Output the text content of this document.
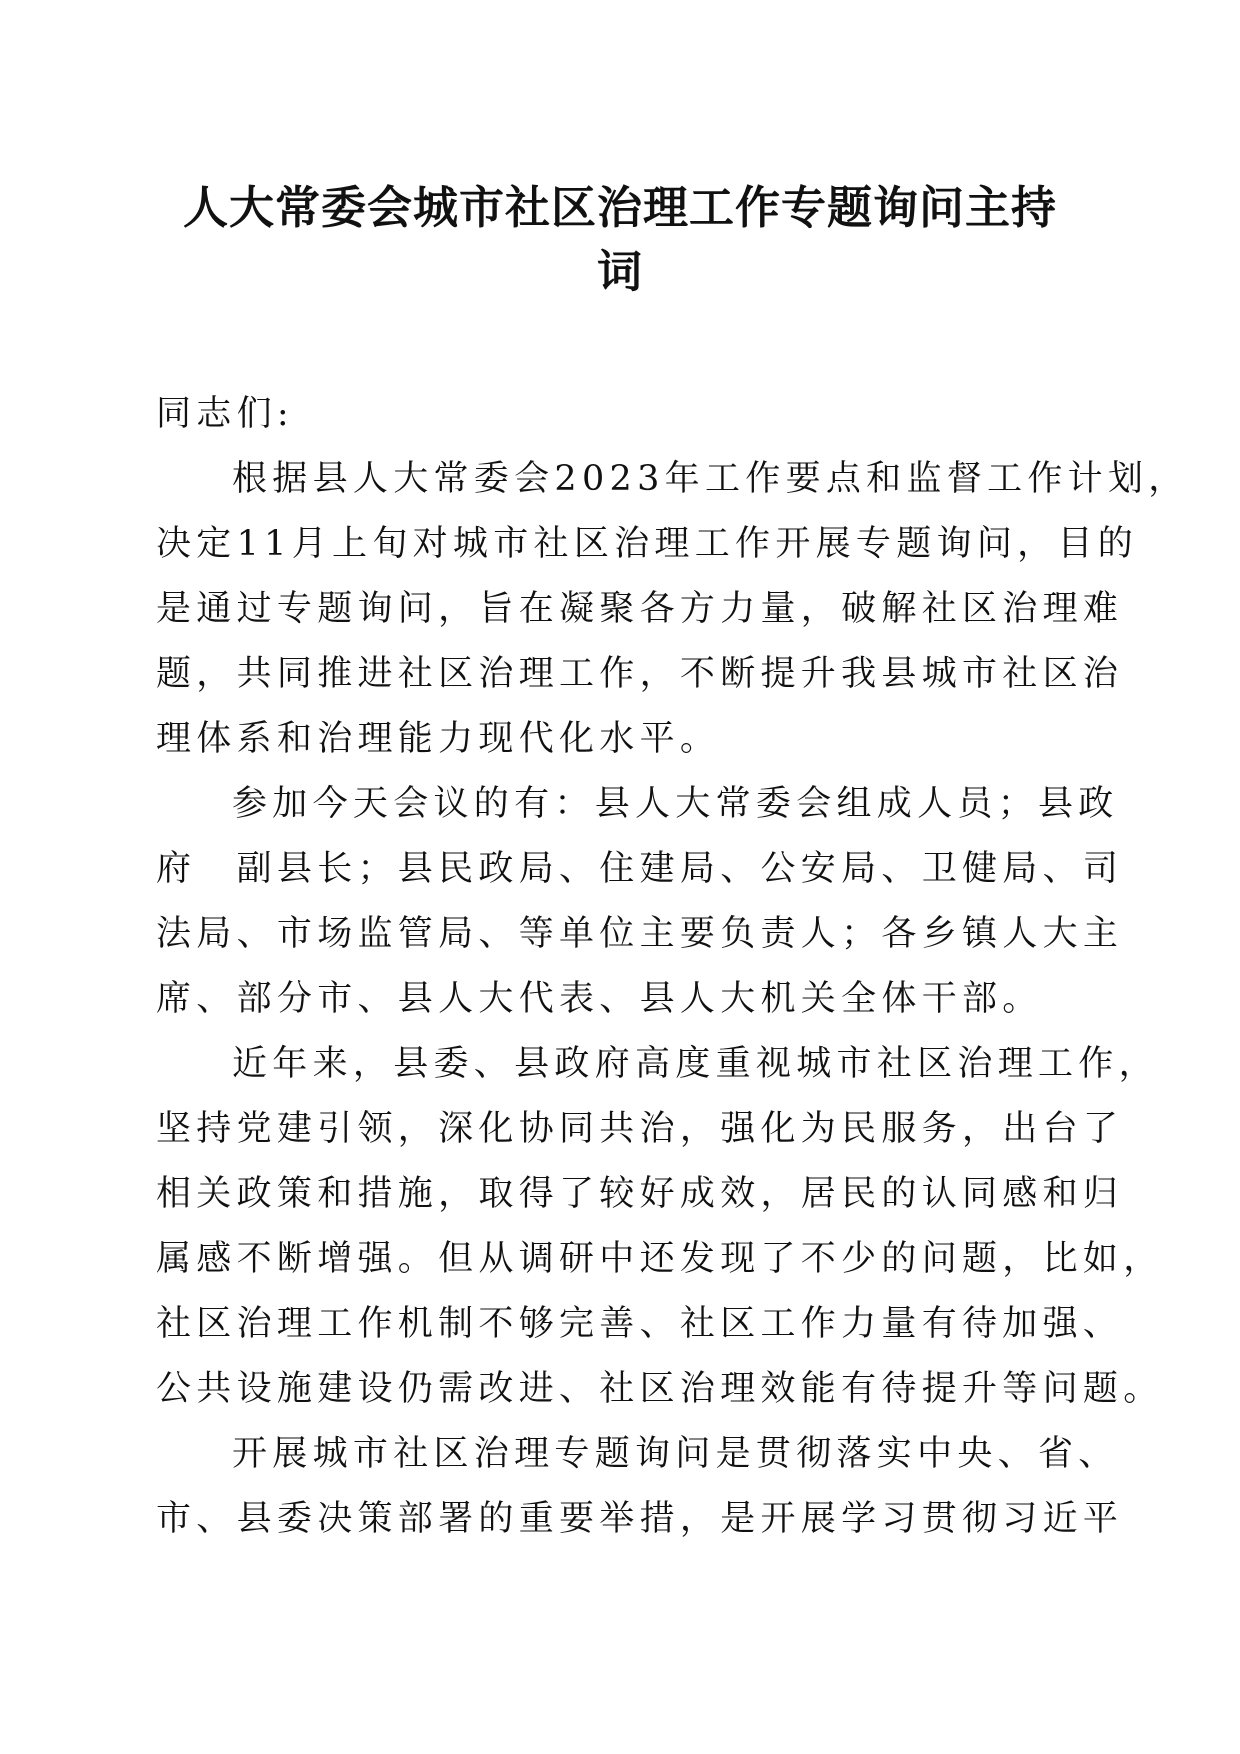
人大常委会城市社区治理工作专题询问主持
词
同志们:
根据县人大常委会2023年工作要点和监督工作计划，
决定11月上旬对城市社区治理工作开展专题询问，目的
是通过专题询问，旨在凝聚各方力量，破解社区治理难
题，共同推进社区治理工作，不断提升我县城市社区治
理体系和治理能力现代化水平。
参加今天会议的有：县人大常委会组成人员；县政
府　副县长；县民政局、住建局、公安局、卫健局、司
法局、市场监管局、等单位主要负责人；各乡镇人大主
席、部分市、县人大代表、县人大机关全体干部。
近年来，县委、县政府高度重视城市社区治理工作，
坚持党建引领，深化协同共治，强化为民服务，出台了
相关政策和措施，取得了较好成效，居民的认同感和归
属感不断增强。但从调研中还发现了不少的问题，比如，
社区治理工作机制不够完善、社区工作力量有待加强、
公共设施建设仍需改进、社区治理效能有待提升等问题。
开展城市社区治理专题询问是贯彻落实中央、省、
市、县委决策部署的重要举措，是开展学习贯彻习近平
